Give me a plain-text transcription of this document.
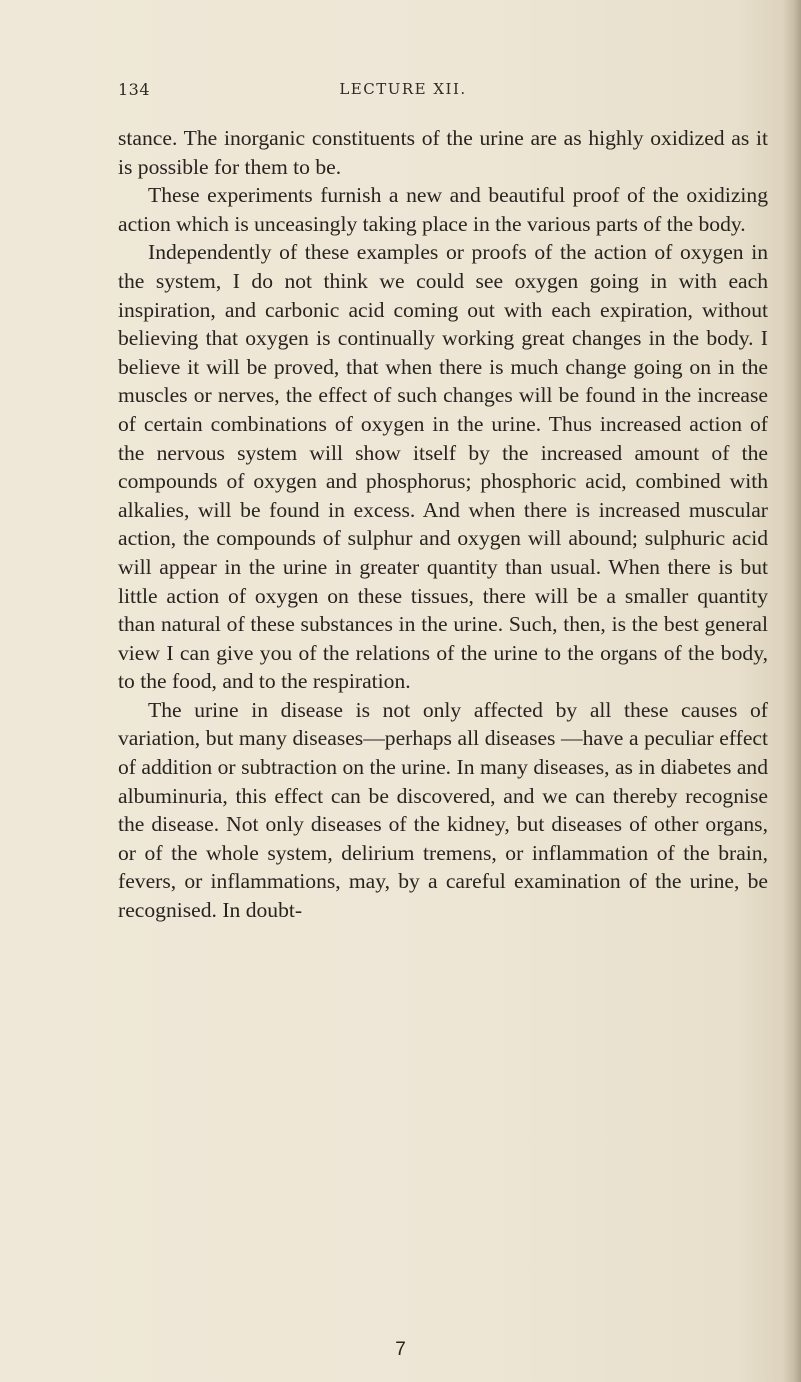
134	LECTURE XII.

stance. The inorganic constituents of the urine are as highly oxidized as it is possible for them to be.

These experiments furnish a new and beautiful proof of the oxidizing action which is unceasingly taking place in the various parts of the body.

Independently of these examples or proofs of the action of oxygen in the system, I do not think we could see oxygen going in with each inspiration, and carbonic acid coming out with each expiration, without believing that oxygen is continually working great changes in the body. I believe it will be proved, that when there is much change going on in the muscles or nerves, the effect of such changes will be found in the increase of certain combinations of oxygen in the urine. Thus increased action of the nervous system will show itself by the increased amount of the compounds of oxygen and phosphorus; phosphoric acid, combined with alkalies, will be found in excess. And when there is increased muscular action, the compounds of sulphur and oxygen will abound; sulphuric acid will appear in the urine in greater quantity than usual. When there is but little action of oxygen on these tissues, there will be a smaller quantity than natural of these substances in the urine. Such, then, is the best general view I can give you of the relations of the urine to the organs of the body, to the food, and to the respiration.

The urine in disease is not only affected by all these causes of variation, but many diseases—perhaps all diseases —have a peculiar effect of addition or subtraction on the urine. In many diseases, as in diabetes and albuminuria, this effect can be discovered, and we can thereby recognise the disease. Not only diseases of the kidney, but diseases of other organs, or of the whole system, delirium tremens, or inflammation of the brain, fevers, or inflammations, may, by a careful examination of the urine, be recognised. In doubt-

7
